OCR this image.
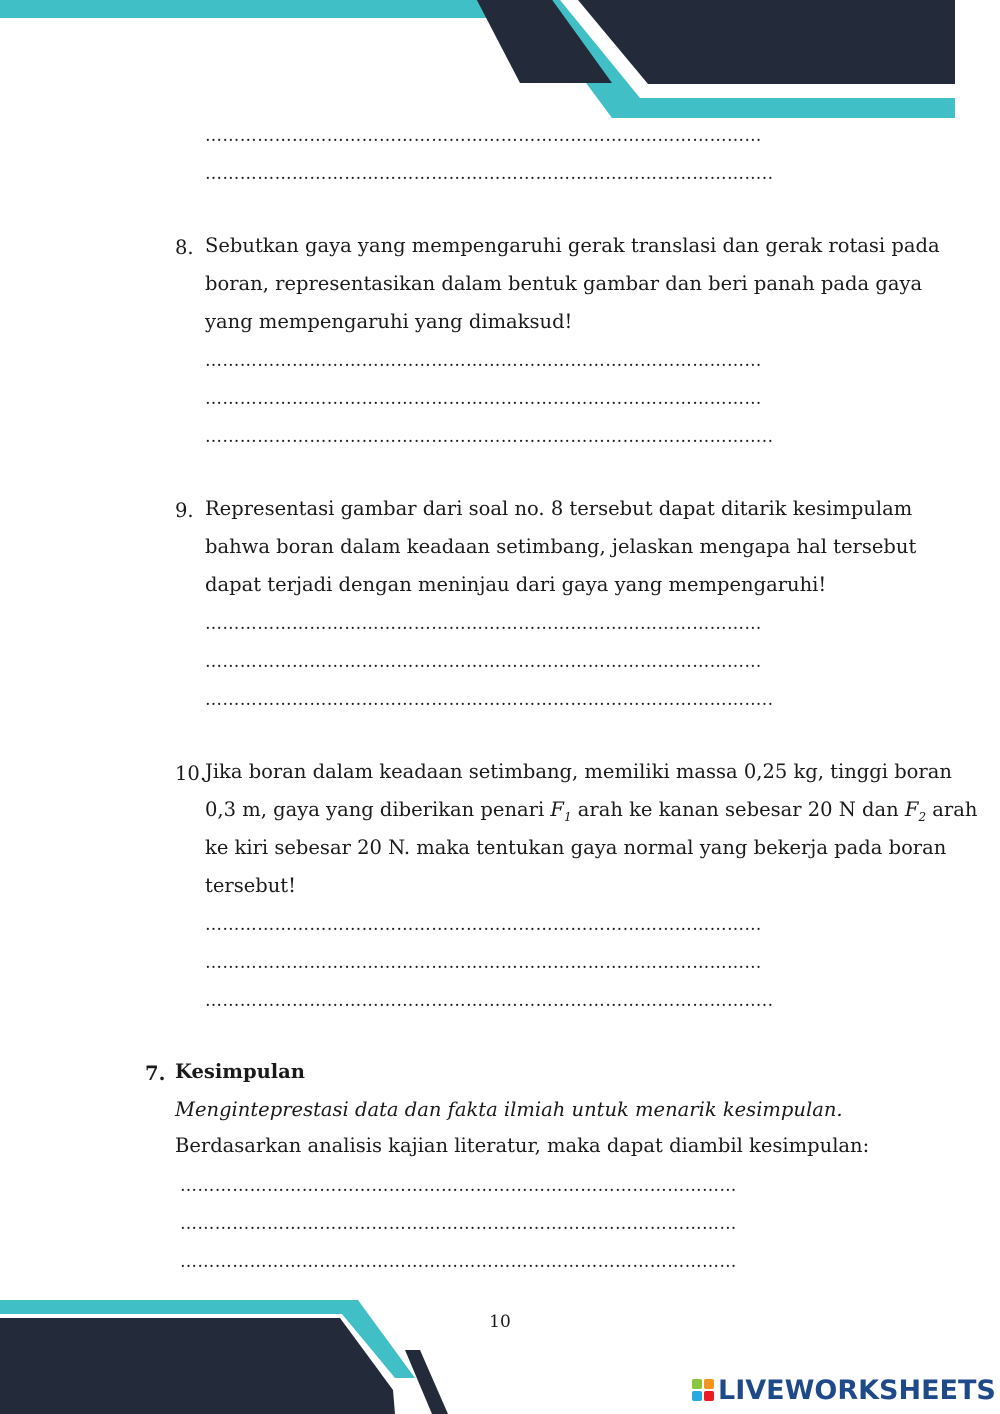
……………………………………………………………………………………
……………………………………………………………………………………..
8. Sebutkan gaya yang mempengaruhi gerak translasi dan gerak rotasi pada
boran, representasikan dalam bentuk gambar dan beri panah pada gaya
yang mempengaruhi yang dimaksud!
……………………………………………………………………………………
……………………………………………………………………………………
……………………………………………………………………………………..
9. Representasi gambar dari soal no. 8 tersebut dapat ditarik kesimpulam
bahwa boran dalam keadaan setimbang, jelaskan mengapa hal tersebut
dapat terjadi dengan meninjau dari gaya yang mempengaruhi!
……………………………………………………………………………………
……………………………………………………………………………………
……………………………………………………………………………………..
10.
Jika boran dalam keadaan setimbang, memiliki massa 0,25 kg, tinggi boran
0,3 m, gaya yang diberikan penari $F_1$ arah ke kanan sebesar 20 N dan $F_2$ arah
ke kiri sebesar 20 N. maka tentukan gaya normal yang bekerja pada boran
tersebut!
……………………………………………………………………………………
……………………………………………………………………………………
……………………………………………………………………………………..
7. Kesimpulan
Menginteprestasi data dan fakta ilmiah untuk menarik kesimpulan.
Berdasarkan analisis kajian literatur, maka dapat diambil kesimpulan:
……………………………………………………………………………………
……………………………………………………………………………………
……………………………………………………………………………………
10
LIVEWORKSHEETS
